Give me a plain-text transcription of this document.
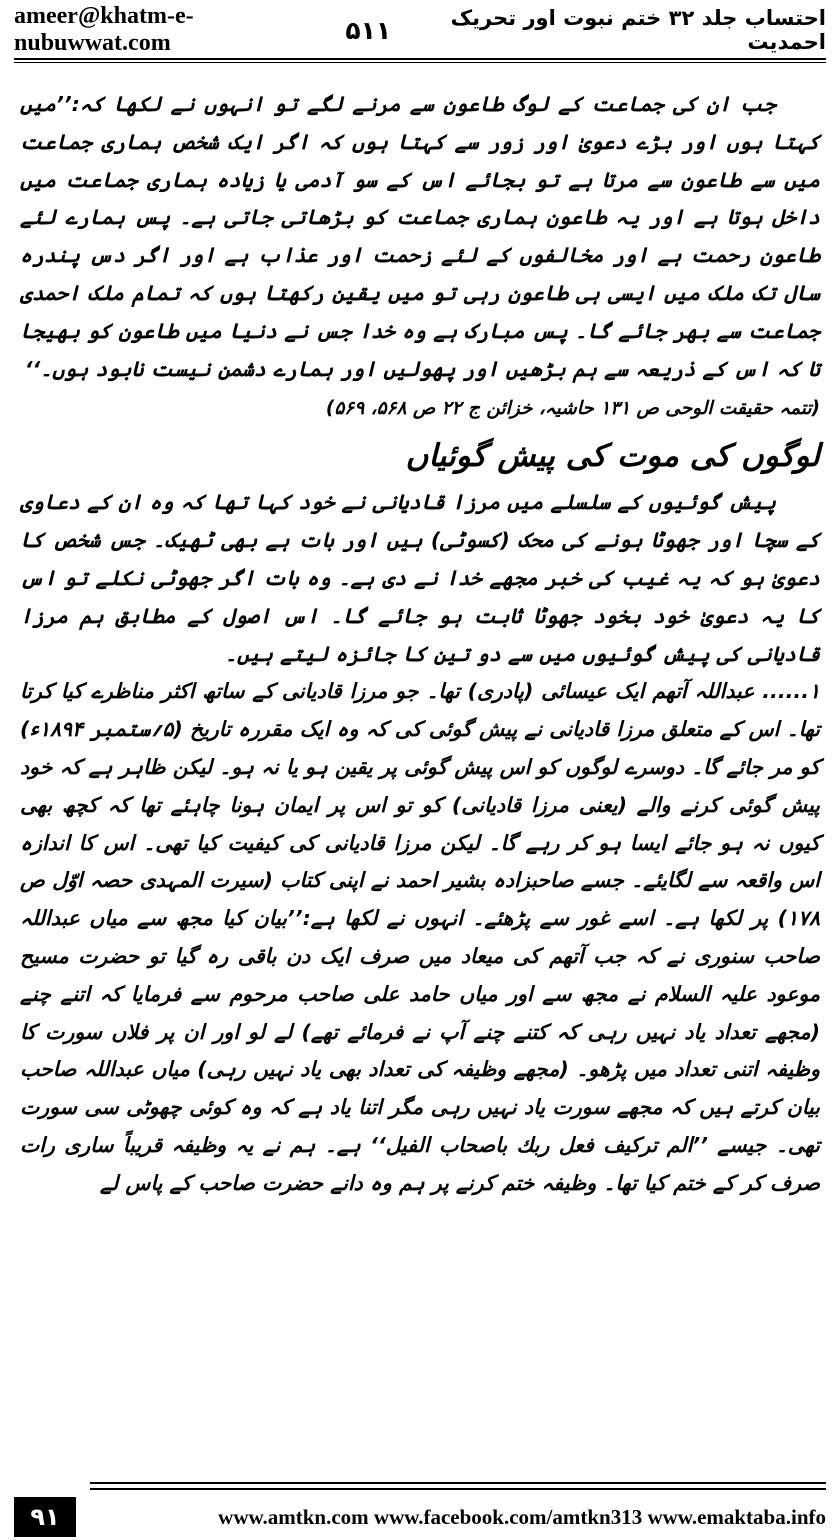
ameer@khatm-e-nubuwwat.com	۵۱۱	احتساب جلد ۳۲ ختم نبوت اور تحریک احمدیت

جب ان کی جماعت کے لوگ طاعون سے مرنے لگے تو انہوں نے لکھا کہ:’’میں کہتا ہوں اور بڑے دعویٰ اور زور سے کہتا ہوں کہ اگر ایک شخص ہماری جماعت میں سے طاعون سے مرتا ہے تو بجائے اس کے سو آدمی یا زیادہ ہماری جماعت میں داخل ہوتا ہے اور یہ طاعون ہماری جماعت کو بڑھاتی جاتی ہے۔ پس ہمارے لئے طاعون رحمت ہے اور مخالفوں کے لئے زحمت اور عذاب ہے اور اگر دس پندرہ سال تک ملک میں ایسی ہی طاعون رہی تو میں یقین رکھتا ہوں کہ تمام ملک احمدی جماعت سے بھر جائے گا۔ پس مبارک ہے وہ خدا جس نے دنیا میں طاعون کو بھیجا تا کہ اس کے ذریعہ سے ہم بڑھیں اور پھولیں اور ہمارے دشمن نیست نابود ہوں۔‘‘

(تتمہ حقیقت الوحی ص ۱۳۱ حاشیہ، خزائن ج ۲۲ ص ۵۶۸، ۵۶۹)

لوگوں کی موت کی پیش گوئیاں

پیش گوئیوں کے سلسلے میں مرزا قادیانی نے خود کہا تھا کہ وہ ان کے دعاوی کے سچا اور جھوٹا ہونے کی محک (کسوٹی) ہیں اور بات ہے بھی ٹھیک۔ جس شخص کا دعویٰ ہو کہ یہ غیب کی خبر مجھے خدا نے دی ہے۔ وہ بات اگر جھوٹی نکلے تو اس کا یہ دعویٰ خود بخود جھوٹا ثابت ہو جائے گا۔ اس اصول کے مطابق ہم مرزا قادیانی کی پیش گوئیوں میں سے دو تین کا جائزہ لیتے ہیں۔

۱...... عبداللہ آتھم ایک عیسائی (پادری) تھا۔ جو مرزا قادیانی کے ساتھ اکثر مناظرے کیا کرتا تھا۔ اس کے متعلق مرزا قادیانی نے پیش گوئی کی کہ وہ ایک مقررہ تاریخ (۵؍ستمبر ۱۸۹۴ء) کو مر جائے گا۔ دوسرے لوگوں کو اس پیش گوئی پر یقین ہو یا نہ ہو۔ لیکن ظاہر ہے کہ خود پیش گوئی کرنے والے (یعنی مرزا قادیانی) کو تو اس پر ایمان ہونا چاہئے تھا کہ کچھ بھی کیوں نہ ہو جائے ایسا ہو کر رہے گا۔ لیکن مرزا قادیانی کی کیفیت کیا تھی۔ اس کا اندازہ اس واقعہ سے لگایئے۔ جسے صاحبزادہ بشیر احمد نے اپنی کتاب (سیرت المہدی حصہ اوّل ص ۱۷۸) پر لکھا ہے۔ اسے غور سے پڑھئے۔ انہوں نے لکھا ہے:’’بیان کیا مجھ سے میاں عبداللہ صاحب سنوری نے کہ جب آتھم کی میعاد میں صرف ایک دن باقی رہ گیا تو حضرت مسیح موعود علیہ السلام نے مجھ سے اور میاں حامد علی صاحب مرحوم سے فرمایا کہ اتنے چنے (مجھے تعداد یاد نہیں رہی کہ کتنے چنے آپ نے فرمائے تھے) لے لو اور ان پر فلاں سورت کا وظیفہ اتنی تعداد میں پڑھو۔ (مجھے وظیفہ کی تعداد بھی یاد نہیں رہی) میاں عبداللہ صاحب بیان کرتے ہیں کہ مجھے سورت یاد نہیں رہی مگر اتنا یاد ہے کہ وہ کوئی چھوٹی سی سورت تھی۔ جیسے ’’الم ترکیف فعل ربك باصحاب الفیل‘‘ ہے۔ ہم نے یہ وظیفہ قریباً ساری رات صرف کر کے ختم کیا تھا۔ وظیفہ ختم کرنے پر ہم وہ دانے حضرت صاحب کے پاس لے

۹۱	www.amtkn.com www.facebook.com/amtkn313 www.emaktaba.info
